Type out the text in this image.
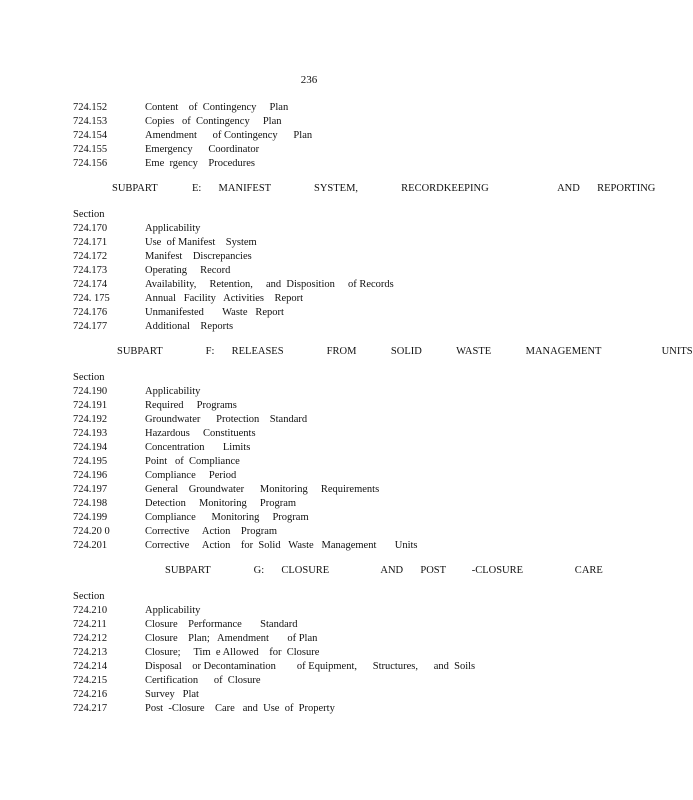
236
724.152	Content    of  Contingency     Plan
724.153	Copies   of  Contingency     Plan
724.154	Amendment      of Contingency      Plan
724.155	Emergency      Coordinator
724.156	Eme  rgency    Procedures
SUBPART    E:  MANIFEST     SYSTEM,     RECORDKEEPING        AND  REPORTING
Section
724.170	Applicability
724.171	Use  of Manifest    System
724.172	Manifest    Discrepancies
724.173	Operating     Record
724.174	Availability,     Retention,     and  Disposition     of Records
724. 175	Annual   Facility   Activities    Report
724.176	Unmanifested       Waste   Report
724.177	Additional    Reports
SUBPART     F:  RELEASES     FROM    SOLID    WASTE    MANAGEMENT       UNITS
Section
724.190	Applicability
724.191	Required     Programs
724.192	Groundwater      Protection    Standard
724.193	Hazardous     Constituents
724.194	Concentration       Limits
724.195	Point   of  Compliance
724.196	Compliance     Period
724.197	General    Groundwater      Monitoring     Requirements
724.198	Detection     Monitoring     Program
724.199	Compliance      Monitoring     Program
724.20 0	Corrective     Action    Program
724.201	Corrective     Action    for  Solid   Waste   Management       Units
SUBPART     G:  CLOSURE      AND  POST   -CLOSURE      CARE
Section
724.210	Applicability
724.211	Closure    Performance       Standard
724.212	Closure    Plan;   Amendment       of Plan
724.213	Closure;     Tim  e Allowed    for  Closure
724.214	Disposal    or Decontamination        of Equipment,      Structures,      and  Soils
724.215	Certification      of  Closure
724.216	Survey   Plat
724.217	Post  -Closure    Care   and  Use  of  Property
